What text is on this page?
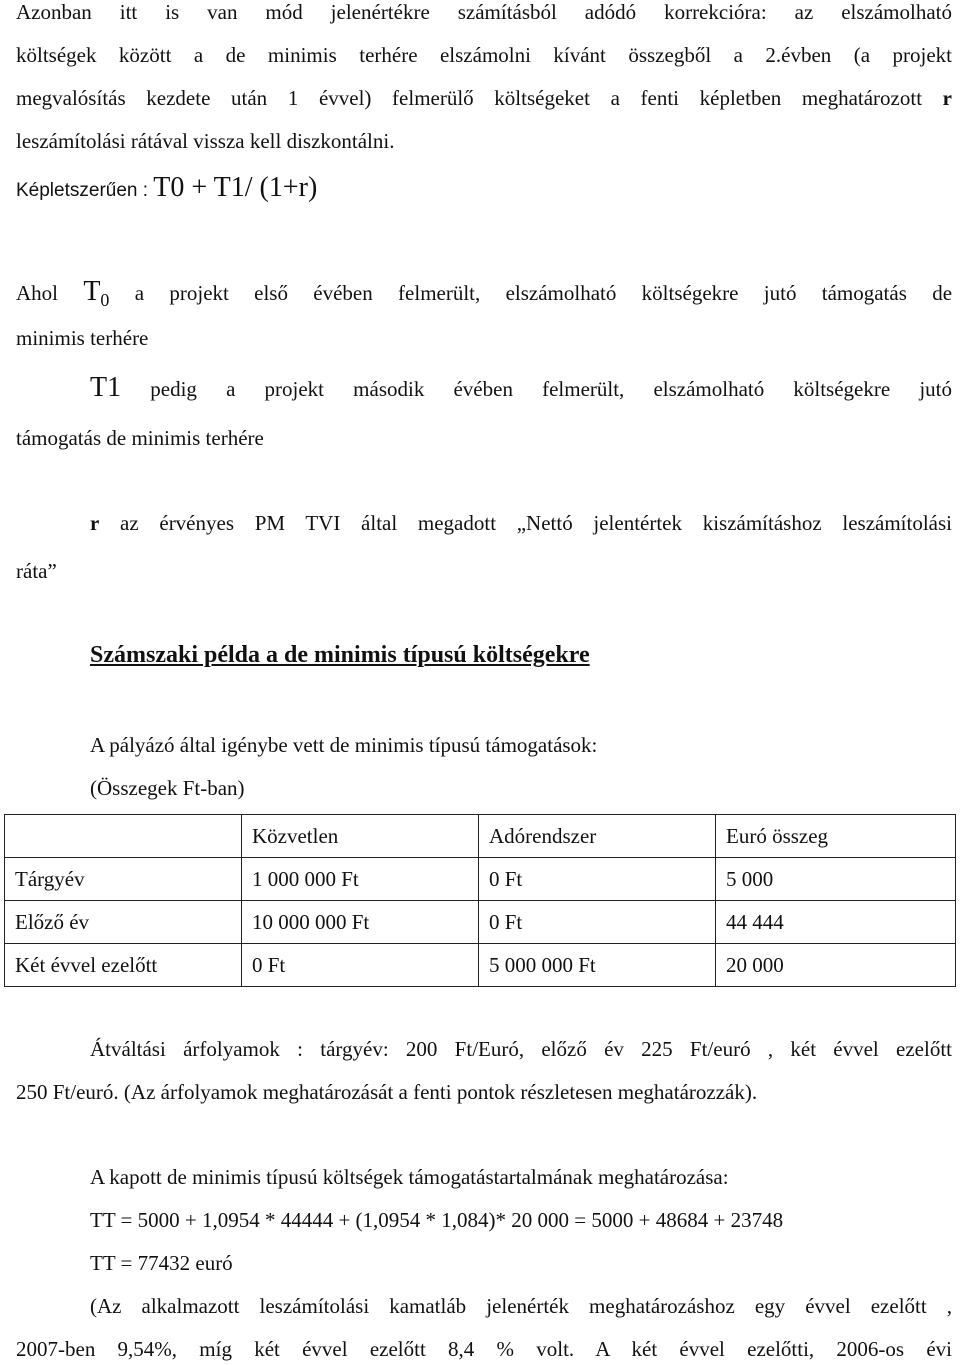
Azonban itt is van mód jelenértékre számításból adódó korrekcióra: az elszámolható
költségek között a de minimis terhére elszámolni kívánt összegből a 2.évben (a projekt
megvalósítás kezdete után 1 évvel) felmerülő költségeket a fenti képletben meghatározott r
leszámítolási rátával vissza kell diszkontálni.
Képletszerűen : T0 + T1/ (1+r)
Ahol $T_0$ a projekt első évében felmerült, elszámolható költségekre jutó támogatás de
minimis terhére
T1 pedig a projekt második évében felmerült, elszámolható költségekre jutó
támogatás de minimis terhére
r az érvényes PM TVI által megadott „Nettó jelentértek kiszámításhoz leszámítolási
ráta”
Számszaki példa a de minimis típusú költségekre
A pályázó által igénybe vett de minimis típusú támogatások:
(Összegek Ft-ban)
	Közvetlen	Adórendszer	Euró összeg
Tárgyév	1 000 000 Ft	0 Ft	5 000
Előző év	10 000 000 Ft	0 Ft	44 444
Két évvel ezelőtt	0 Ft	5 000 000 Ft	20 000
Átváltási árfolyamok : tárgyév: 200 Ft/Euró, előző év 225 Ft/euró , két évvel ezelőtt
250 Ft/euró. (Az árfolyamok meghatározását a fenti pontok részletesen meghatározzák).
A kapott de minimis típusú költségek támogatástartalmának meghatározása:
TT = 5000 + 1,0954 * 44444 + (1,0954 * 1,084)* 20 000 = 5000 + 48684 + 23748
TT = 77432 euró
(Az alkalmazott leszámítolási kamatláb jelenérték meghatározáshoz egy évvel ezelőtt ,
2007-ben 9,54%, míg két évvel ezelőtt 8,4 % volt. A két évvel ezelőtti, 2006-os évi
